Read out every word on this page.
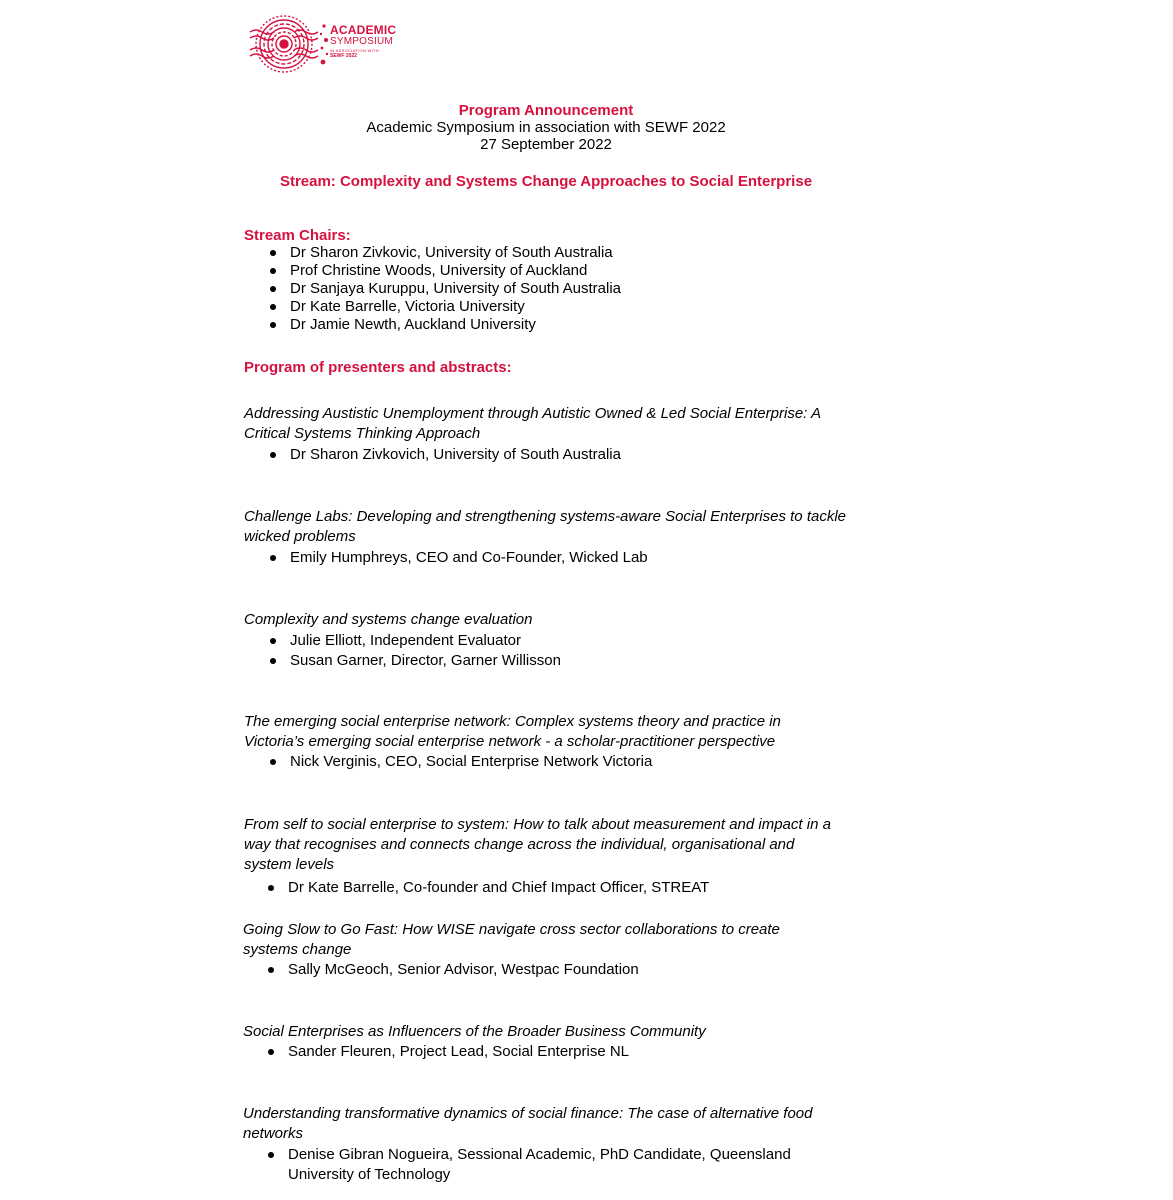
ACADEMIC
SYMPOSIUM
IN ASSOCIATION WITH
SEWF 2022
Program Announcement
Academic Symposium in association with SEWF 2022
27 September 2022
Stream: Complexity and Systems Change Approaches to Social Enterprise
Stream Chairs:
Dr Sharon Zivkovic, University of South Australia
Prof Christine Woods, University of Auckland
Dr Sanjaya Kuruppu, University of South Australia
Dr Kate Barrelle, Victoria University
Dr Jamie Newth, Auckland University
Program of presenters and abstracts:
Addressing Austistic Unemployment through Autistic Owned & Led Social Enterprise: A Critical Systems Thinking Approach
Dr Sharon Zivkovich, University of South Australia
Challenge Labs: Developing and strengthening systems-aware Social Enterprises to tackle wicked problems
Emily Humphreys, CEO and Co-Founder, Wicked Lab
Complexity and systems change evaluation
Julie Elliott, Independent Evaluator
Susan Garner, Director, Garner Willisson
The emerging social enterprise network: Complex systems theory and practice in Victoria’s emerging social enterprise network - a scholar-practitioner perspective
Nick Verginis, CEO, Social Enterprise Network Victoria
From self to social enterprise to system: How to talk about measurement and impact in a way that recognises and connects change across the individual, organisational and system levels
Dr Kate Barrelle, Co-founder and Chief Impact Officer, STREAT
Going Slow to Go Fast: How WISE navigate cross sector collaborations to create systems change
Sally McGeoch, Senior Advisor, Westpac Foundation
Social Enterprises as Influencers of the Broader Business Community
Sander Fleuren, Project Lead, Social Enterprise NL
Understanding transformative dynamics of social finance: The case of alternative food networks
Denise Gibran Nogueira, Sessional Academic, PhD Candidate, Queensland University of Technology
